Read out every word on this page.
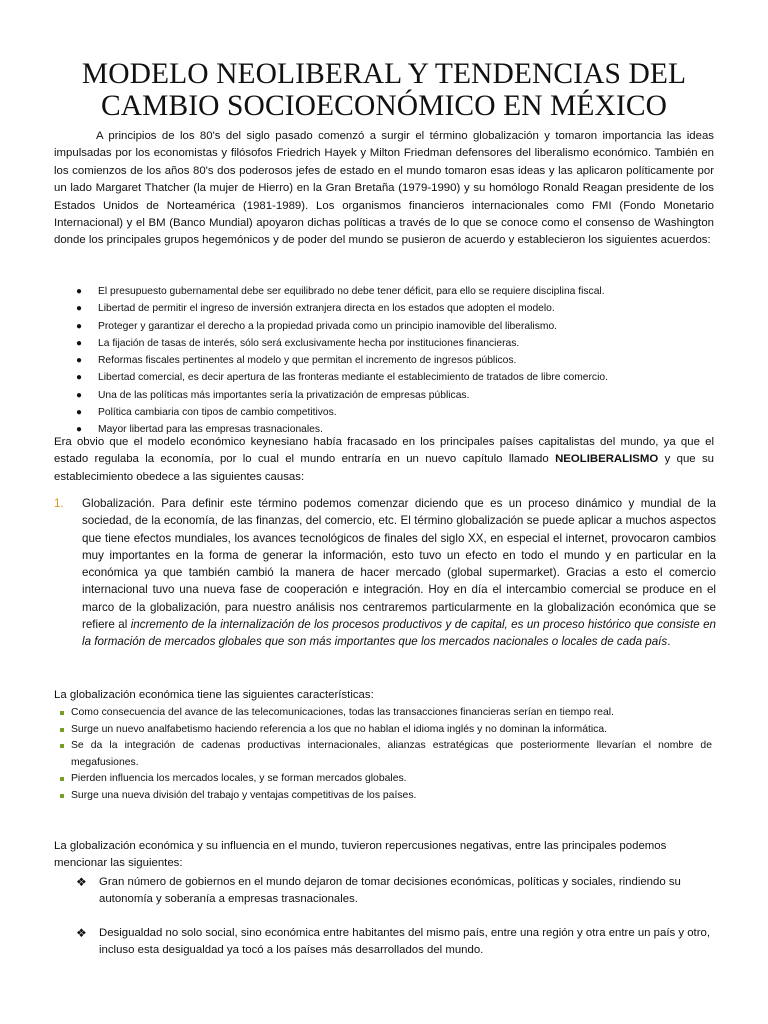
MODELO NEOLIBERAL Y TENDENCIAS DEL
CAMBIO SOCIOECONÓMICO EN MÉXICO

A principios de los 80's del siglo pasado comenzó a surgir el término globalización y tomaron importancia las ideas impulsadas por los economistas y filósofos Friedrich Hayek y Milton Friedman defensores del liberalismo económico. También en los comienzos de los años 80's dos poderosos jefes de estado en el mundo tomaron esas ideas y las aplicaron políticamente por un lado Margaret Thatcher (la mujer de Hierro) en la Gran Bretaña (1979-1990) y su homólogo Ronald Reagan presidente de los Estados Unidos de Norteamérica (1981-1989). Los organismos financieros internacionales como FMI (Fondo Monetario Internacional) y el BM (Banco Mundial) apoyaron dichas políticas a través de lo que se conoce como el consenso de Washington donde los principales grupos hegemónicos y de poder del mundo se pusieron de acuerdo y establecieron los siguientes acuerdos:

● El presupuesto gubernamental debe ser equilibrado no debe tener déficit, para ello se requiere disciplina fiscal.
● Libertad de permitir el ingreso de inversión extranjera directa en los estados que adopten el modelo.
● Proteger y garantizar el derecho a la propiedad privada como un principio inamovible del liberalismo.
● La fijación de tasas de interés, sólo será exclusivamente hecha por instituciones financieras.
● Reformas fiscales pertinentes al modelo y que permitan el incremento de ingresos públicos.
● Libertad comercial, es decir apertura de las fronteras mediante el establecimiento de tratados de libre comercio.
● Una de las políticas más importantes sería la privatización de empresas públicas.
● Política cambiaria con tipos de cambio competitivos.
● Mayor libertad para las empresas trasnacionales.

Era obvio que el modelo económico keynesiano había fracasado en los principales países capitalistas del mundo, ya que el estado regulaba la economía, por lo cual el mundo entraría en un nuevo capítulo llamado NEOLIBERALISMO y que su establecimiento obedece a las siguientes causas:

1. Globalización. Para definir este término podemos comenzar diciendo que es un proceso dinámico y mundial de la sociedad, de la economía, de las finanzas, del comercio, etc. El término globalización se puede aplicar a muchos aspectos que tiene efectos mundiales, los avances tecnológicos de finales del siglo XX, en especial el internet, provocaron cambios muy importantes en la forma de generar la información, esto tuvo un efecto en todo el mundo y en particular en la económica ya que también cambió la manera de hacer mercado (global supermarket). Gracias a esto el comercio internacional tuvo una nueva fase de cooperación e integración. Hoy en día el intercambio comercial se produce en el marco de la globalización, para nuestro análisis nos centraremos particularmente en la globalización económica que se refiere al incremento de la internalización de los procesos productivos y de capital, es un proceso histórico que consiste en la formación de mercados globales que son más importantes que los mercados nacionales o locales de cada país.
La globalización económica tiene las siguientes características:
Como consecuencia del avance de las telecomunicaciones, todas las transacciones financieras serían en tiempo real.
Surge un nuevo analfabetismo haciendo referencia a los que no hablan el idioma inglés y no dominan la informática.
Se da la integración de cadenas productivas internacionales, alianzas estratégicas que posteriormente llevarían el nombre de megafusiones.
Pierden influencia los mercados locales, y se forman mercados globales.
Surge una nueva división del trabajo y ventajas competitivas de los países.

La globalización económica y su influencia en el mundo, tuvieron repercusiones negativas, entre las principales podemos mencionar las siguientes:

❖ Gran número de gobiernos en el mundo dejaron de tomar decisiones económicas, políticas y sociales, rindiendo su autonomía y soberanía a empresas trasnacionales.
❖ Desigualdad no solo social, sino económica entre habitantes del mismo país, entre una región y otra entre un país y otro, incluso esta desigualdad ya tocó a los países más desarrollados del mundo.
